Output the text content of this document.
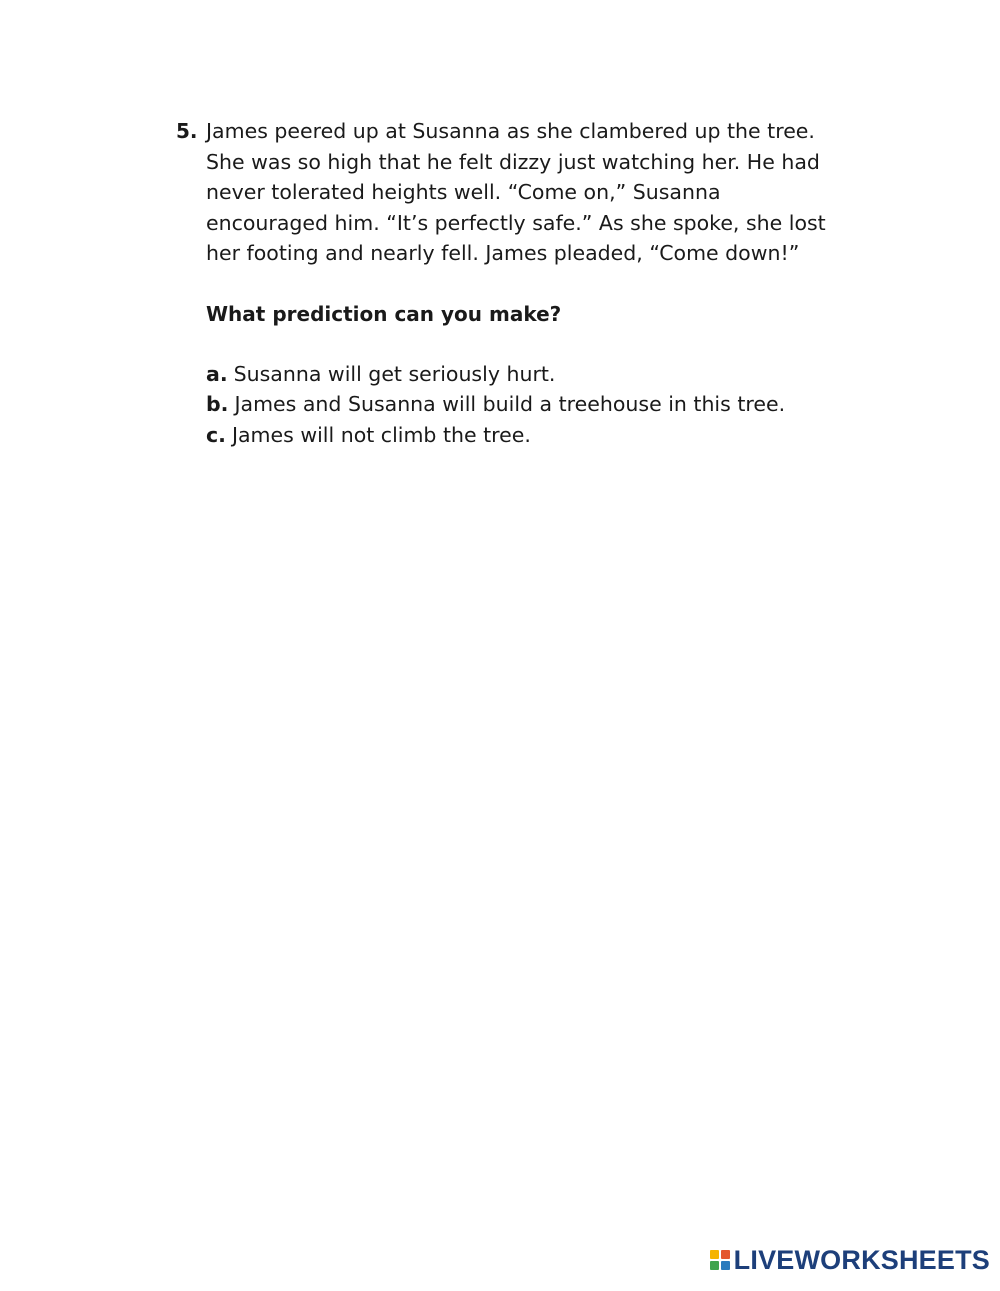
5. James peered up at Susanna as she clambered up the tree.
She was so high that he felt dizzy just watching her. He had
never tolerated heights well. “Come on,” Susanna
encouraged him. “It’s perfectly safe.” As she spoke, she lost
her footing and nearly fell. James pleaded, “Come down!”

What prediction can you make?
a. Susanna will get seriously hurt.
b. James and Susanna will build a treehouse in this tree.
c. James will not climb the tree.
LIVEWORKSHEETS
